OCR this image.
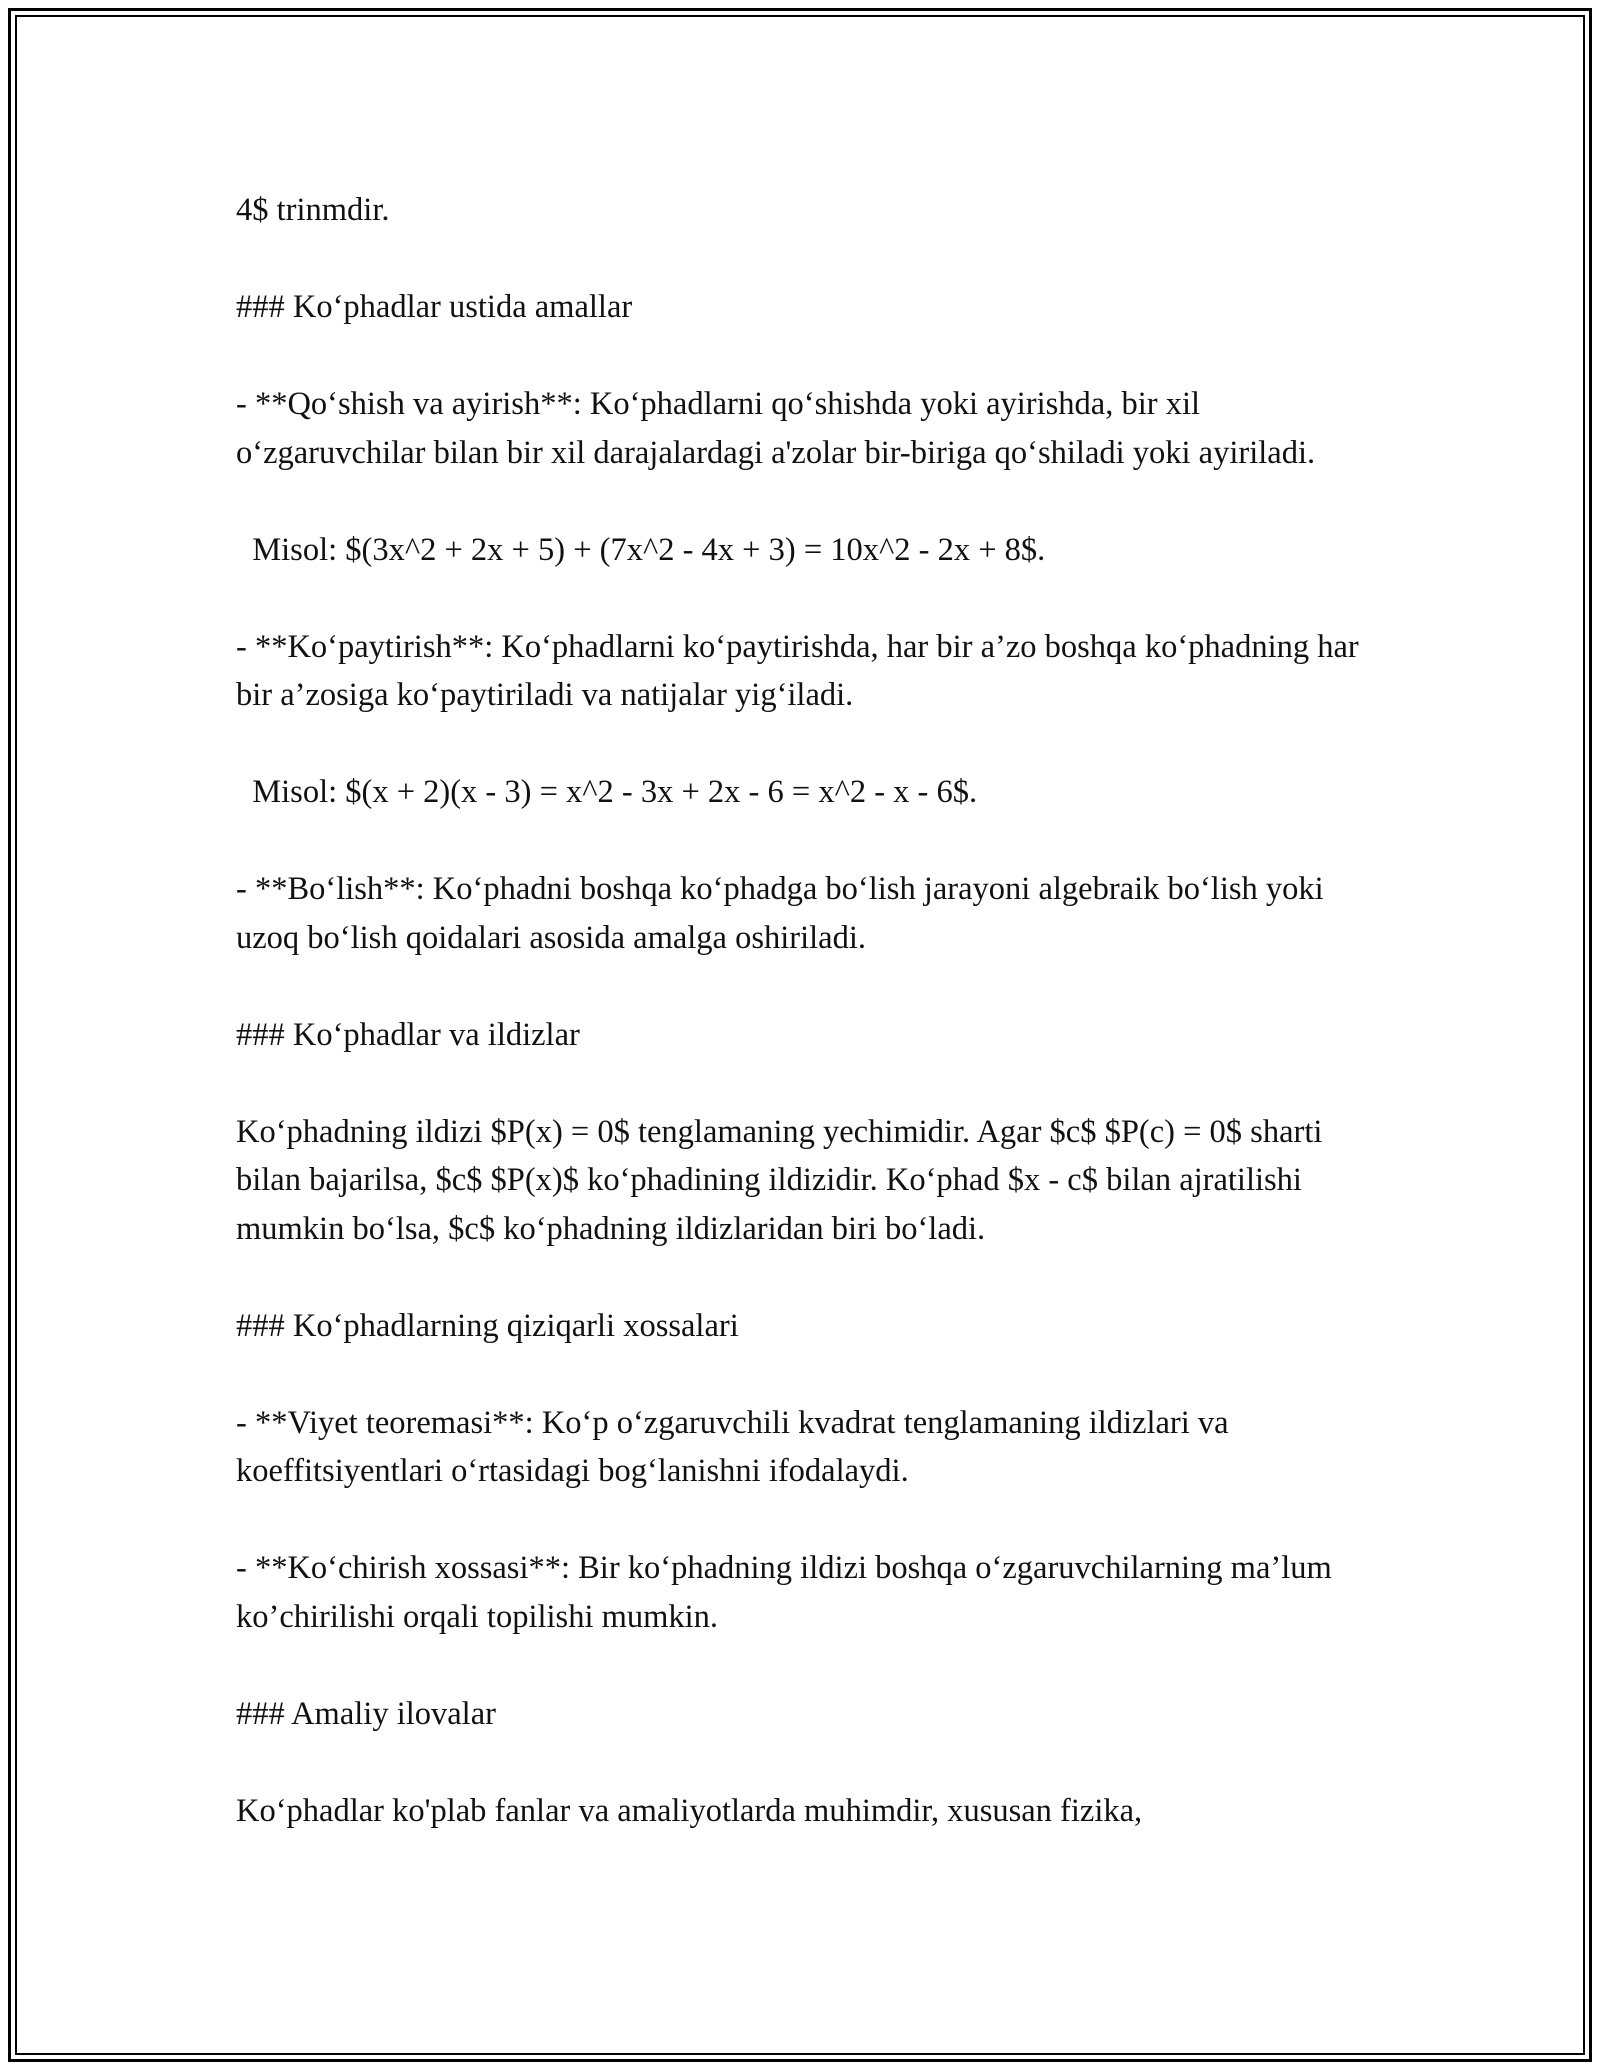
4$ trinmdir.

### Koʻphadlar ustida amallar

- **Qoʻshish va ayirish**: Koʻphadlarni qoʻshishda yoki ayirishda, bir xil oʻzgaruvchilar bilan bir xil darajalardagi a'zolar bir-biriga qoʻshiladi yoki ayiriladi.

Misol: $(3x^2 + 2x + 5) + (7x^2 - 4x + 3) = 10x^2 - 2x + 8$.

- **Koʻpaytirish**: Koʻphadlarni koʻpaytirishda, har bir a’zo boshqa koʻphadning har bir a’zosiga koʻpaytiriladi va natijalar yigʻiladi.

Misol: $(x + 2)(x - 3) = x^2 - 3x + 2x - 6 = x^2 - x - 6$.

- **Boʻlish**: Koʻphadni boshqa koʻphadga boʻlish jarayoni algebraik boʻlish yoki uzoq boʻlish qoidalari asosida amalga oshiriladi.

### Koʻphadlar va ildizlar

Koʻphadning ildizi $P(x) = 0$ tenglamaning yechimidir. Agar $c$ $P(c) = 0$ sharti bilan bajarilsa, $c$ $P(x)$ koʻphadining ildizidir. Koʻphad $x - c$ bilan ajratilishi mumkin boʻlsa, $c$ koʻphadning ildizlaridan biri boʻladi.

### Koʻphadlarning qiziqarli xossalari

- **Viyet teoremasi**: Koʻp oʻzgaruvchili kvadrat tenglamaning ildizlari va koeffitsiyentlari oʻrtasidagi bogʻlanishni ifodalaydi.

- **Koʻchirish xossasi**: Bir koʻphadning ildizi boshqa oʻzgaruvchilarning ma’lum ko’chirilishi orqali topilishi mumkin.

### Amaliy ilovalar

Koʻphadlar ko'plab fanlar va amaliyotlarda muhimdir, xususan fizika,
